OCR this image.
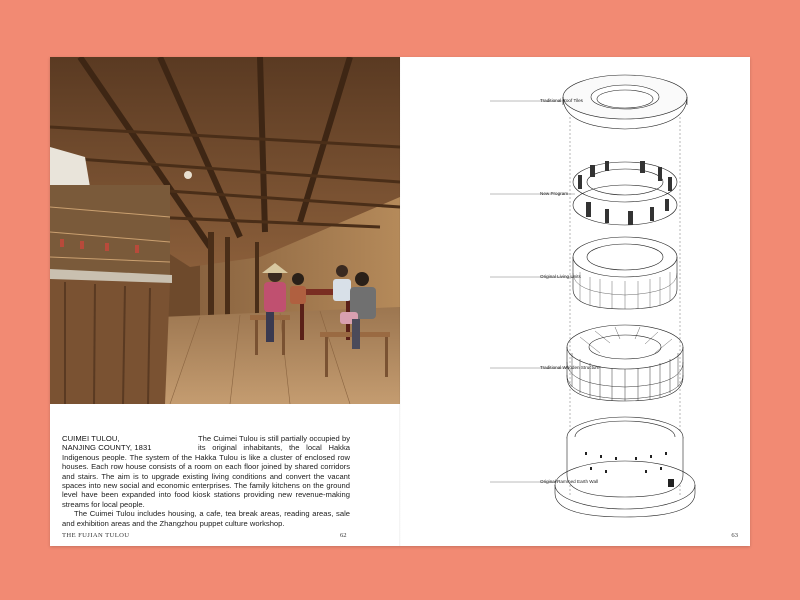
CUIMEI TULOU,
NANJING COUNTY, 1831

The Cuimei Tulou is still partially occupied by its original inhabitants, the local Hakka Indigenous people. The system of the Hakka Tulou is like a cluster of enclosed row houses. Each row house consists of a room on each floor joined by shared corridors and stairs. The aim is to upgrade existing living conditions and convert the vacant spaces into new social and economic enterprises. The family kitchens on the ground level have been expanded into food kiosk stations providing new revenue-making streams for local people.

The Cuimei Tulou includes housing, a cafe, tea break areas, reading areas, sale and exhibition areas and the Zhangzhou puppet culture workshop.

THE FUJIAN TULOU	62
Traditional Roof Tiles
New Program
Original Living Units
Traditional Wooden Structure
Original Rammed Earth Wall
63
